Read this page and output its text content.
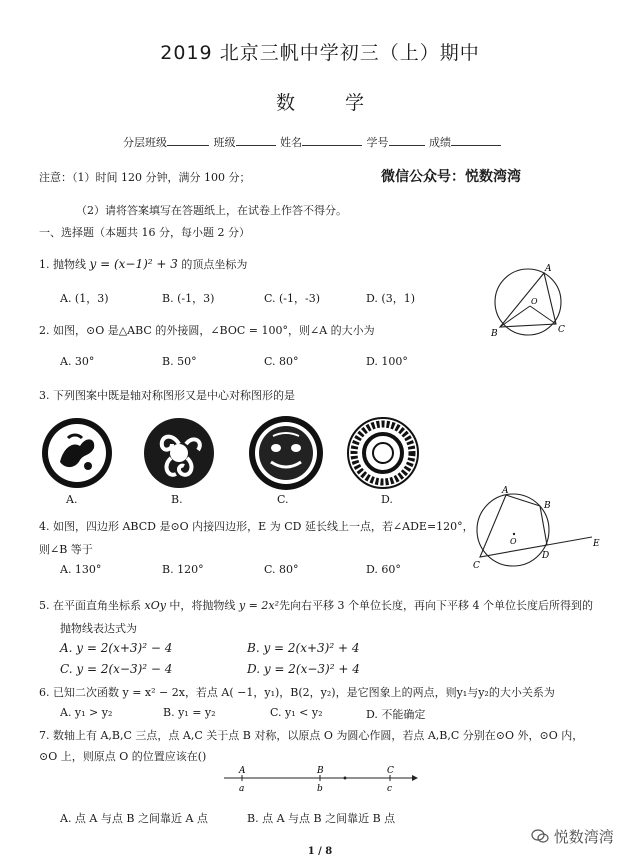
2019 北京三帆中学初三（上）期中
数 学
分层班级	班级	姓名	学号	成绩
注意：（1）时间 120 分钟，满分 100 分；	微信公众号：悦数湾湾
（2）请将答案填写在答题纸上，在试卷上作答不得分。
一、选择题（本题共 16 分，每小题 2 分）
1. 抛物线 y = (x−1)² + 3 的顶点坐标为
A. (1，3)	B. (-1，3)	C. (-1，-3)	D. (3，1)
A
O
B	C
2. 如图，⊙O 是△ABC 的外接圆，∠BOC = 100°，则∠A 的大小为
A. 30°	B. 50°	C. 80°	D. 100°
3. 下列图案中既是轴对称图形又是中心对称图形的是
A.	B.	C.	D.
A
B
O
C
D
E
4. 如图，四边形 ABCD 是⊙O 内接四边形，E 为 CD 延长线上一点，若∠ADE=120°，
则∠B 等于
A. 130°	B. 120°	C. 80°	D. 60°
5. 在平面直角坐标系 xOy 中，将抛物线 y = 2x²先向右平移 3 个单位长度，再向下平移 4 个单位长度后所得到的
抛物线表达式为
A. y = 2(x+3)² − 4	B. y = 2(x+3)² + 4
C. y = 2(x−3)² − 4	D. y = 2(x−3)² + 4
6. 已知二次函数 y = x² − 2x，若点 A( −1，y₁)，B(2，y₂)，是它图象上的两点，则y₁与y₂的大小关系为
A. y₁ > y₂	B. y₁ = y₂	C. y₁ < y₂	D. 不能确定
7. 数轴上有 A,B,C 三点，点 A,C 关于点 B 对称，以原点 O 为圆心作圆，若点 A,B,C 分别在⊙O 外，⊙O 内，
⊙O 上，则原点 O 的位置应该在()
A	B	C
a	b	c
A. 点 A 与点 B 之间靠近 A 点	B. 点 A 与点 B 之间靠近 B 点
悦数湾湾
1 / 8
